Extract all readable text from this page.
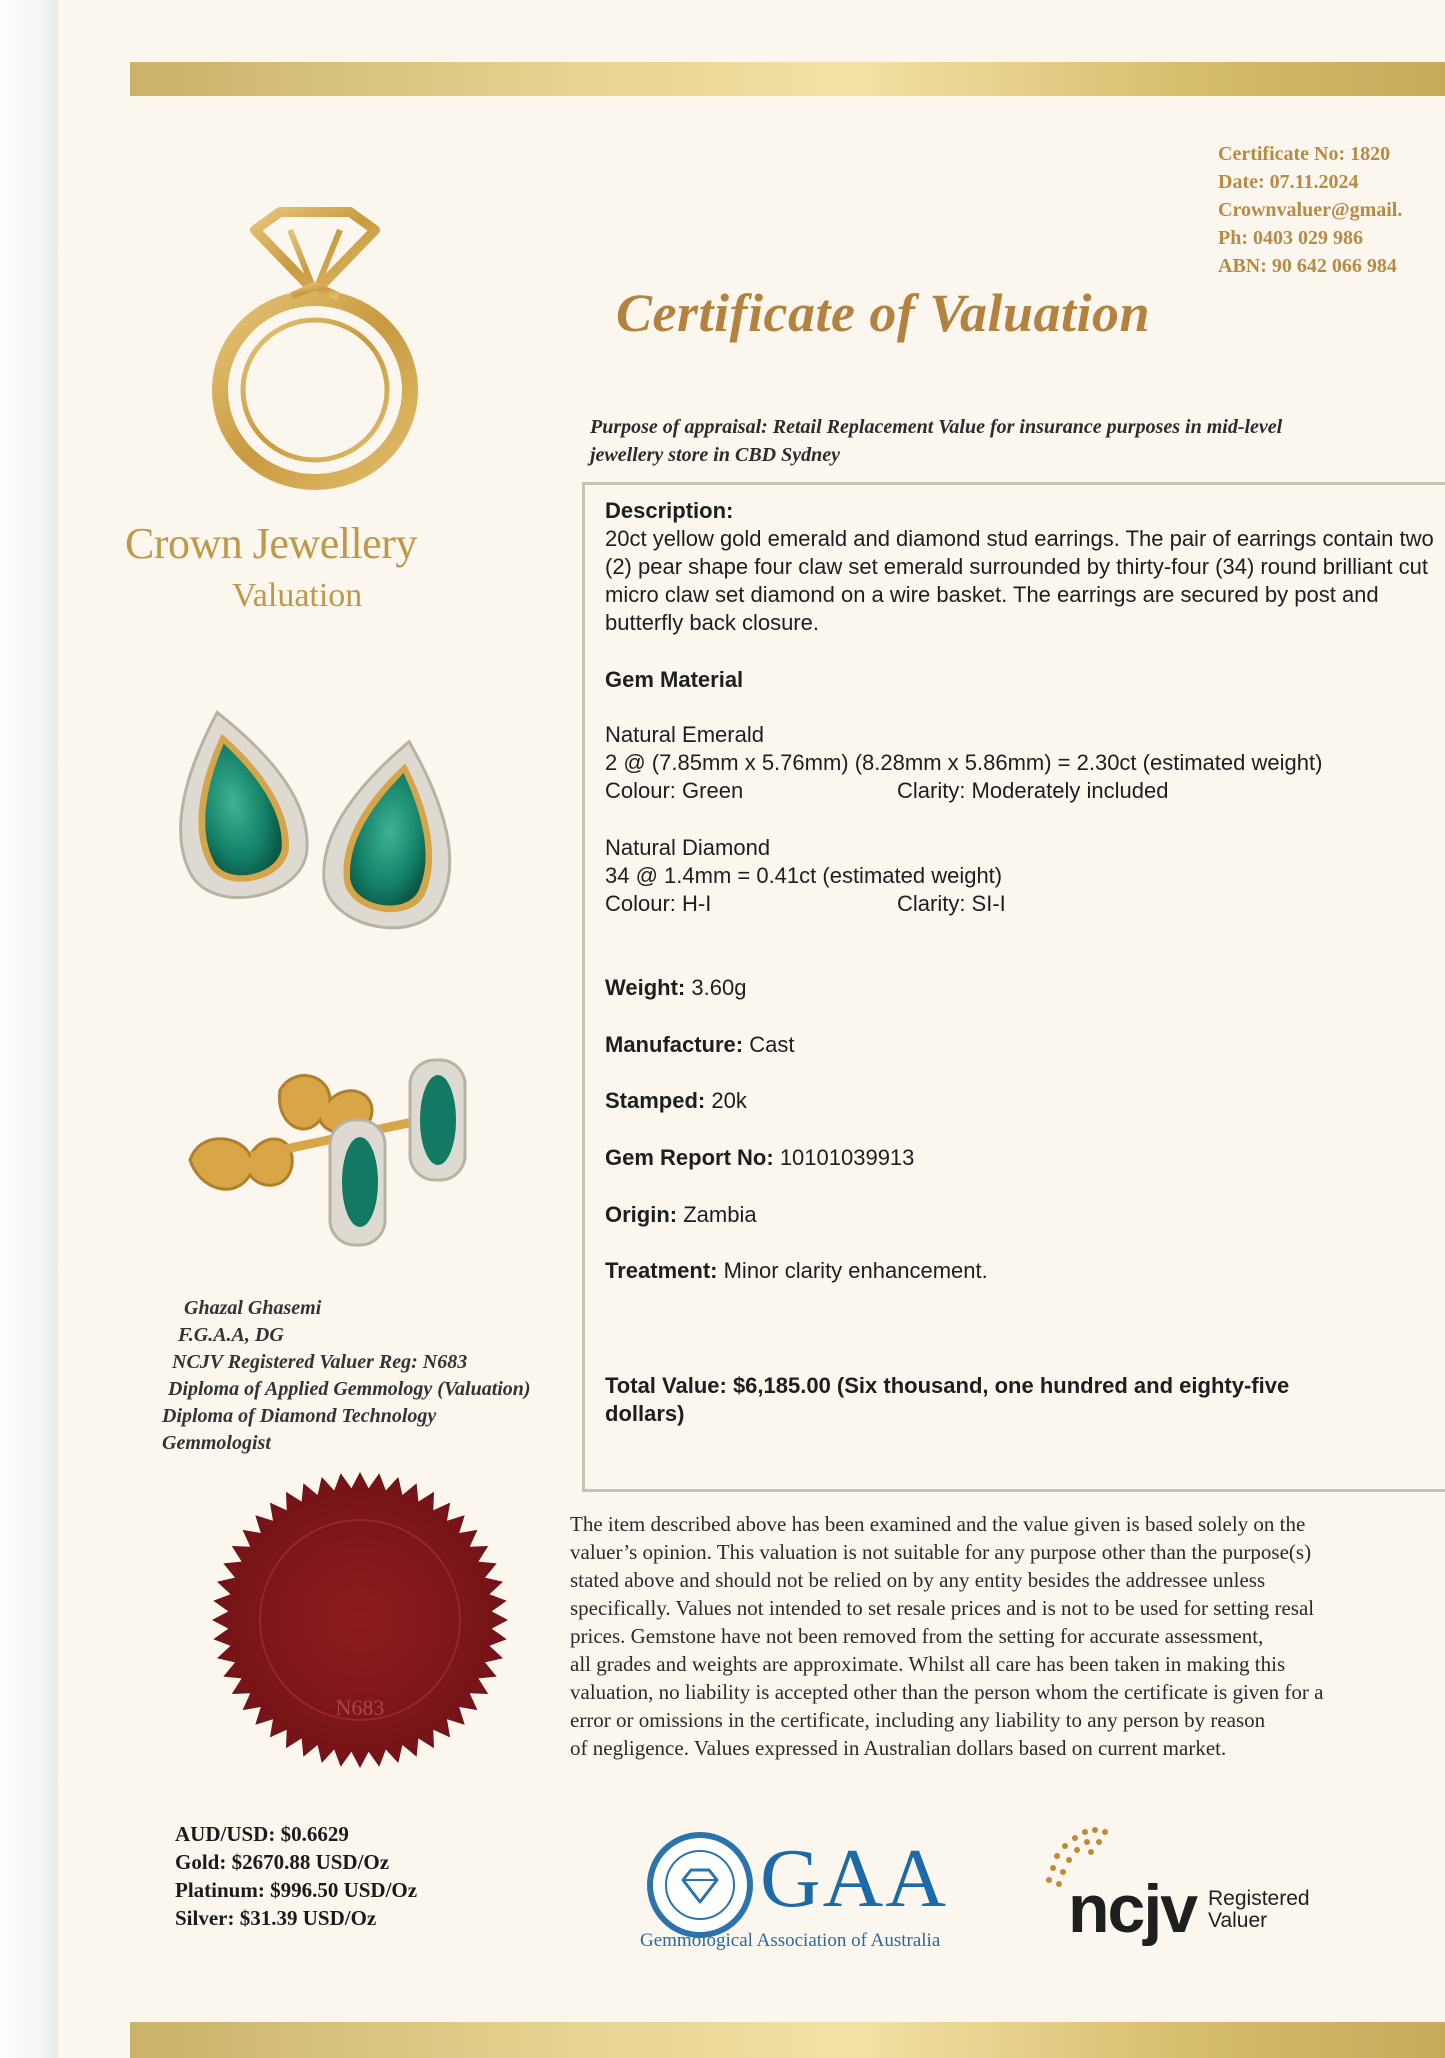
Certificate No: 1820
Date: 07.11.2024
Crownvaluer@gmail.
Ph: 0403 029 986
ABN: 90 642 066 984
Certificate of Valuation
Crown Jewellery
Valuation
Purpose of appraisal: Retail Replacement Value for insurance purposes in mid-level
jewellery store in CBD Sydney
Description:
20ct yellow gold emerald and diamond stud earrings. The pair of earrings contain two (2) pear shape four claw set emerald surrounded by thirty-four (34) round brilliant cut micro claw set diamond on a wire basket. The earrings are secured by post and butterfly back closure.
Gem Material
Natural Emerald
2 @ (7.85mm x 5.76mm) (8.28mm x 5.86mm) = 2.30ct (estimated weight)
Colour: Green	Clarity: Moderately included
Natural Diamond
34 @ 1.4mm = 0.41ct (estimated weight)
Colour: H-I	Clarity: SI-I
Weight: 3.60g
Manufacture: Cast
Stamped: 20k
Gem Report No: 10101039913
Origin: Zambia
Treatment: Minor clarity enhancement.
Total Value: $6,185.00 (Six thousand, one hundred and eighty-five
dollars)
The item described above has been examined and the value given is based solely on the
valuer’s opinion. This valuation is not suitable for any purpose other than the purpose(s)
stated above and should not be relied on by any entity besides the addressee unless
specifically. Values not intended to set resale prices and is not to be used for setting resal
prices. Gemstone have not been removed from the setting for accurate assessment,
all grades and weights are approximate. Whilst all care has been taken in making this
valuation, no liability is accepted other than the person whom the certificate is given for a
error or omissions in the certificate, including any liability to any person by reason
of negligence. Values expressed in Australian dollars based on current market.
Ghazal Ghasemi
F.G.A.A, DG
NCJV Registered Valuer Reg: N683
Diploma of Applied Gemmology (Valuation)
Diploma of Diamond Technology
Gemmologist
N683
AUD/USD: $0.6629
Gold: $2670.88 USD/Oz
Platinum: $996.50 USD/Oz
Silver: $31.39 USD/Oz	GAA
Gemmological Association of Australia ncjv Registered
Valuer
